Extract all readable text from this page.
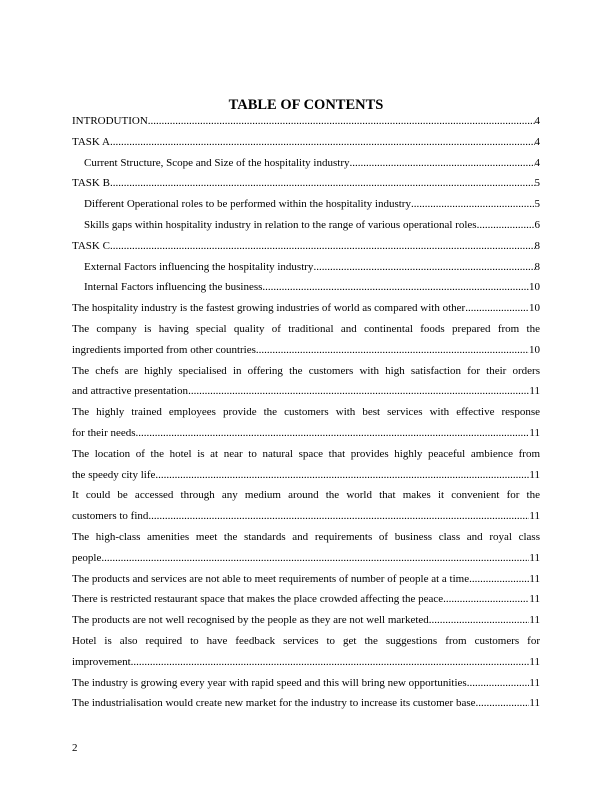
TABLE OF CONTENTS
INTRODUTION .....	4
TASK A .....	4
Current Structure, Scope and Size of the hospitality industry .....	4
TASK B .....	5
Different Operational roles to be performed within the hospitality industry .....	5
Skills gaps within hospitality industry in relation to the range of various operational roles .....	6
TASK C .....	8
External Factors influencing the hospitality industry .....	8
Internal Factors influencing the business .....	10
The hospitality industry is the fastest growing industries of world as compared with other .....	10
The company is having special quality of traditional and continental foods prepared from the
ingredients imported from other countries .....	10
The chefs are highly specialised in offering the customers with high satisfaction for their orders
and attractive presentation .....	11
The highly trained employees provide the customers with best services with effective response
for their needs .....	11
The location of the hotel is at near to natural space that provides highly peaceful ambience from
the speedy city life .....	11
It could be accessed through any medium around the world that makes it convenient for the
customers to find .....	11
The high-class amenities meet the standards and requirements of business class and royal class
people .....	11
The products and services are not able to meet requirements of number of people at a time .....	11
There is restricted restaurant space that makes the place crowded affecting the peace .....	11
The products are not well recognised by the people as they are not well marketed .....	11
Hotel is also required to have feedback services to get the suggestions from customers for
improvement. .....	11
The industry is growing every year with rapid speed and this will bring new opportunities .....	11
The industrialisation would create new market for the industry to increase its customer base .....	11
2
